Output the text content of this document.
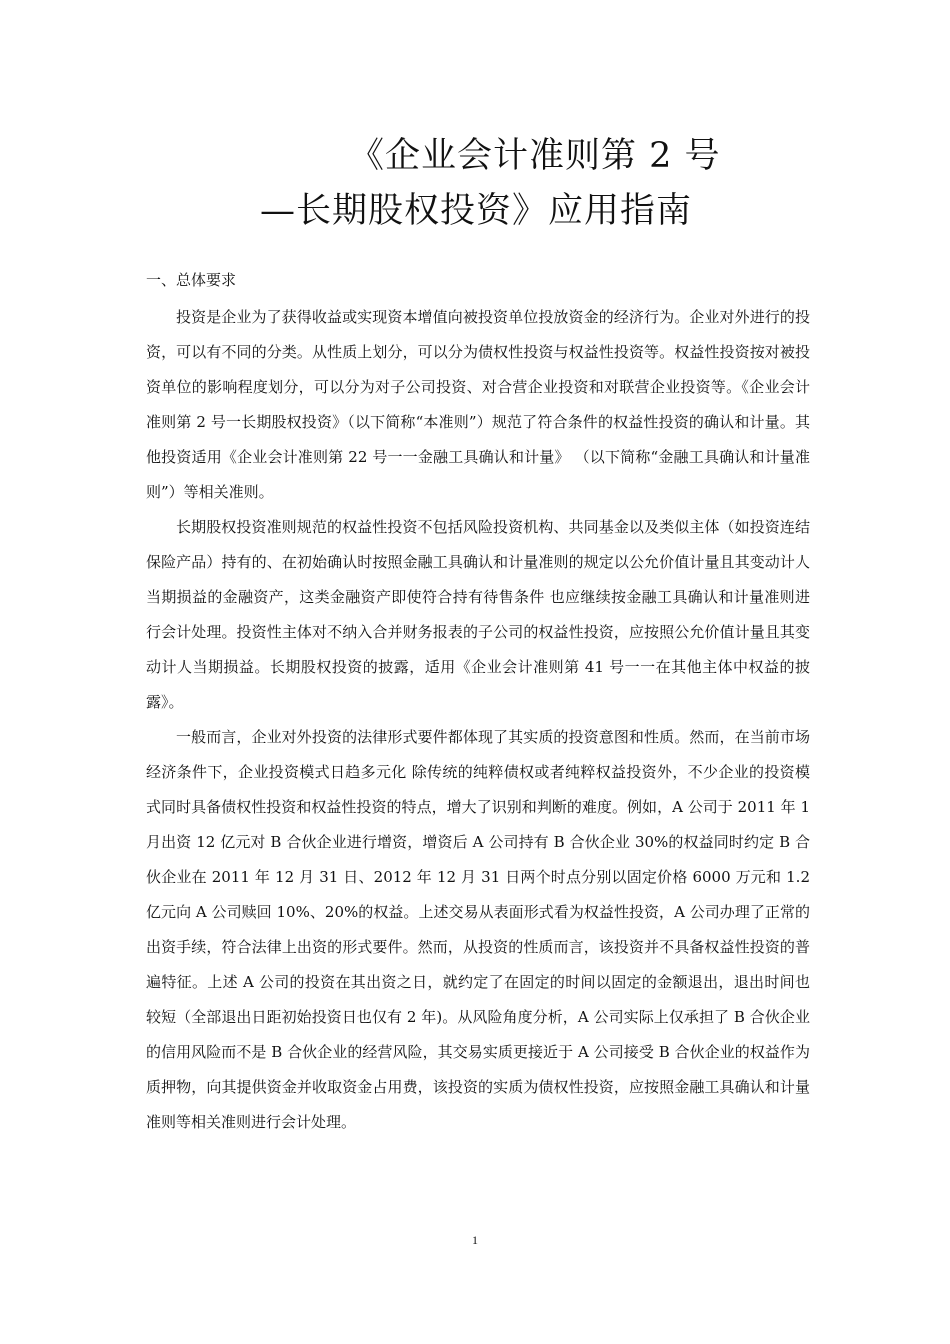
《企业会计准则第 2 号
—长期股权投资》应用指南
一、总体要求

投资是企业为了获得收益或实现资本增值向被投资单位投放资金的经济行为。企业对外进行的投资，可以有不同的分类。从性质上划分，可以分为债权性投资与权益性投资等。权益性投资按对被投资单位的影响程度划分，可以分为对子公司投资、对合营企业投资和对联营企业投资等。《企业会计准则第 2 号一长期股权投资》（以下简称“本准则”）规范了符合条件的权益性投资的确认和计量。其他投资适用《企业会计准则第 22 号一一金融工具确认和计量》 （以下简称“金融工具确认和计量准则”）等相关准则。

长期股权投资准则规范的权益性投资不包括风险投资机构、共同基金以及类似主体（如投资连结保险产品）持有的、在初始确认时按照金融工具确认和计量准则的规定以公允价值计量且其变动计人当期损益的金融资产，这类金融资产即使符合持有待售条件 也应继续按金融工具确认和计量准则进行会计处理。投资性主体对不纳入合并财务报表的子公司的权益性投资，应按照公允价值计量且其变动计人当期损益。长期股权投资的披露，适用《企业会计准则第 41 号一一在其他主体中权益的披露》。

一般而言，企业对外投资的法律形式要件都体现了其实质的投资意图和性质。然而，在当前市场经济条件下，企业投资模式日趋多元化 除传统的纯粹债权或者纯粹权益投资外，不少企业的投资模式同时具备债权性投资和权益性投资的特点，增大了识别和判断的难度。例如，A 公司于 2011 年 1 月出资 12 亿元对 B 合伙企业进行增资，增资后 A 公司持有 B 合伙企业 30%的权益同时约定 B 合伙企业在 2011 年 12 月 31 日、2012 年 12 月 31 日两个时点分别以固定价格 6000 万元和 1.2 亿元向 A 公司赎回 10%、20%的权益。上述交易从表面形式看为权益性投资，A 公司办理了正常的出资手续，符合法律上出资的形式要件。然而，从投资的性质而言，该投资并不具备权益性投资的普遍特征。上述 A 公司的投资在其出资之日，就约定了在固定的时间以固定的金额退出，退出时间也较短（全部退出日距初始投资日也仅有 2 年)。从风险角度分析，A 公司实际上仅承担了 B 合伙企业的信用风险而不是 B 合伙企业的经营风险，其交易实质更接近于 A 公司接受 B 合伙企业的权益作为质押物，向其提供资金并收取资金占用费，该投资的实质为债权性投资，应按照金融工具确认和计量准则等相关准则进行会计处理。

1
